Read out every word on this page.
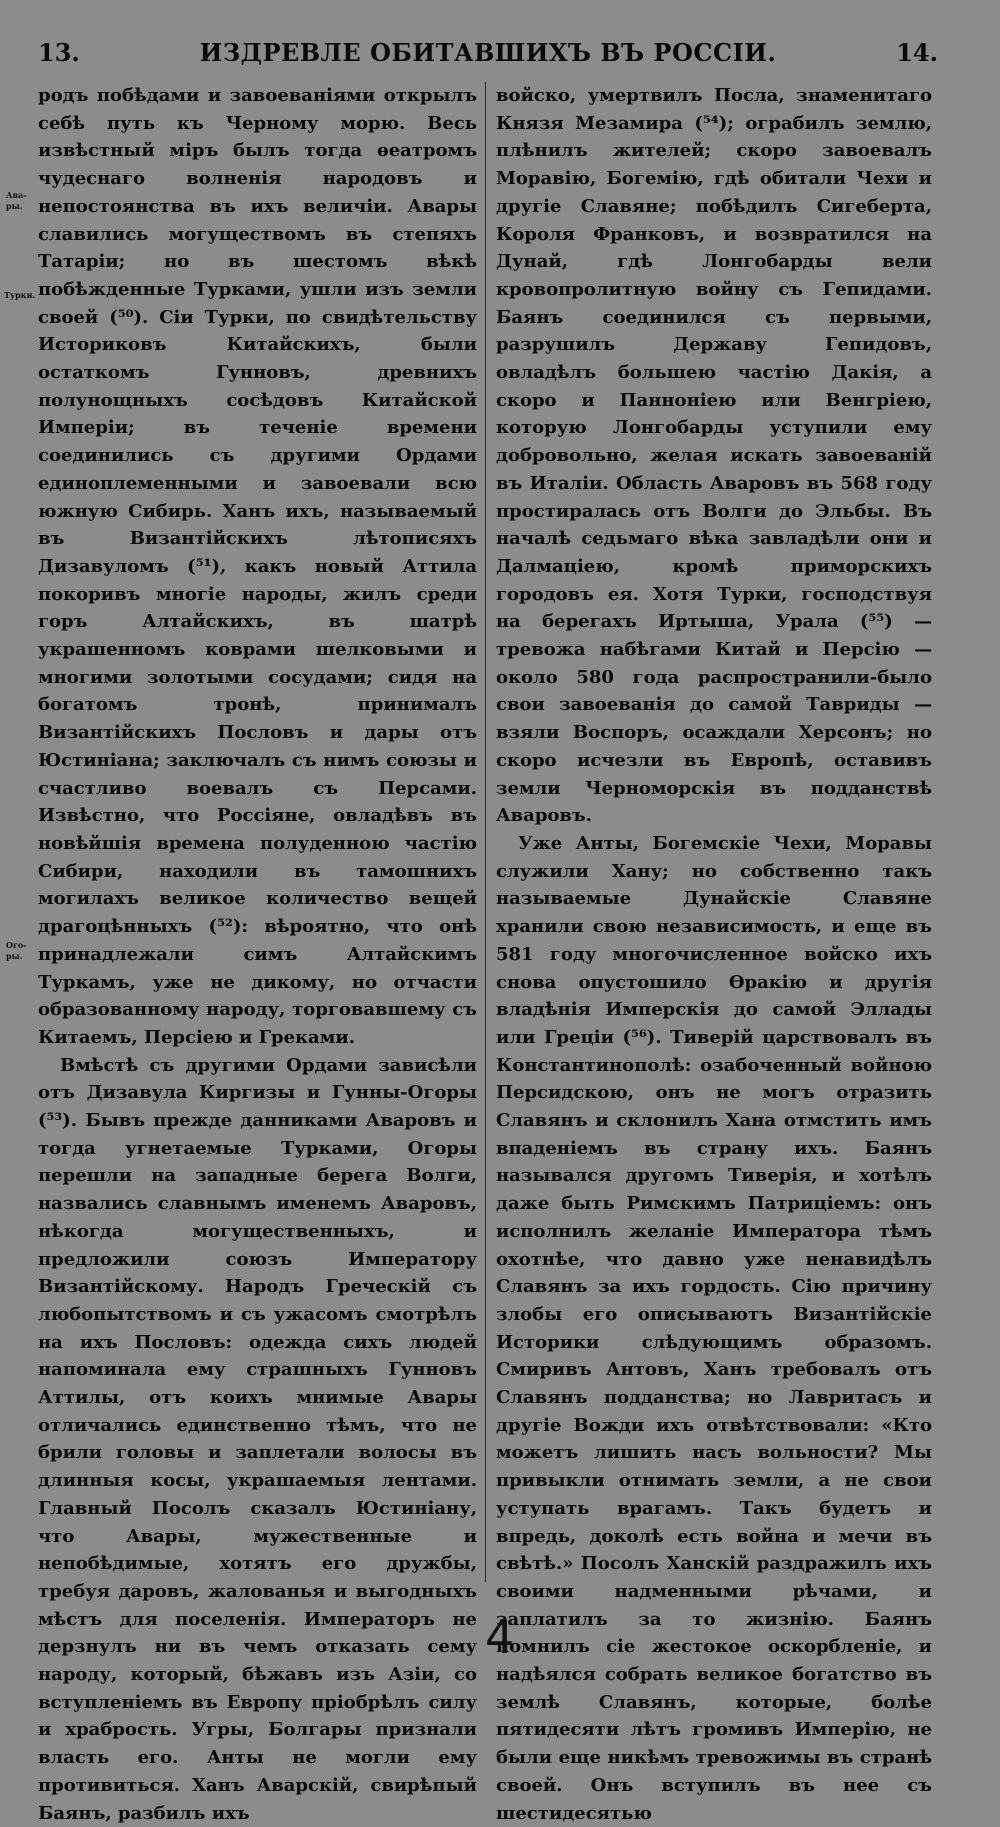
13.	ИЗДРЕВЛЕ ОБИТАВШИХЪ ВЪ РОССІИ.	14.
Ава-
ры.
Турки.
Ого-
ры.

родъ побѣдами и завоеваніями открылъ себѣ путь къ Черному морю. Весь извѣстный міръ былъ тогда ѳеатромъ чудеснаго волненія народовъ и непостоянства въ ихъ величіи. Авары славились могуществомъ въ степяхъ Татаріи; но въ шестомъ вѣкѣ побѣжденные Турками, ушли изъ земли своей (⁵⁰). Сіи Турки, по свидѣтельству Историковъ Китайскихъ, были остаткомъ Гунновъ, древнихъ полунощныхъ сосѣдовъ Китайской Имперіи; въ теченіе времени соединились съ другими Ордами единоплеменными и завоевали всю южную Сибирь. Ханъ ихъ, называемый въ Византійскихъ лѣтописяхъ Дизавуломъ (⁵¹), какъ новый Аттила покоривъ многіе народы, жилъ среди горъ Алтайскихъ, въ шатрѣ украшенномъ коврами шелковыми и многими золотыми сосудами; сидя на богатомъ тронѣ, принималъ Византійскихъ Пословъ и дары отъ Юстиніана; заключалъ съ нимъ союзы и счастливо воевалъ съ Персами. Извѣстно, что Россіяне, овладѣвъ въ новѣйшія времена полуденною частію Сибири, находили въ тамошнихъ могилахъ великое количество вещей драгоцѣнныхъ (⁵²): вѣроятно, что онѣ принадлежали симъ Алтайскимъ Туркамъ, уже не дикому, но отчасти образованному народу, торговавшему съ Китаемъ, Персіею и Греками.

Вмѣстѣ съ другими Ордами зависѣли отъ Дизавула Киргизы и Гунны-Огоры (⁵³). Бывъ прежде данниками Аваровъ и тогда угнетаемые Турками, Огоры перешли на западные берега Волги, назвались славнымъ именемъ Аваровъ, нѣкогда могущественныхъ, и предложили союзъ Императору Византійскому. Народъ Греческій съ любопытствомъ и съ ужасомъ смотрѣлъ на ихъ Пословъ: одежда сихъ людей напоминала ему страшныхъ Гунновъ Аттилы, отъ коихъ мнимые Авары отличались единственно тѣмъ, что не брили головы и заплетали волосы въ длинныя косы, украшаемыя лентами. Главный Посолъ сказалъ Юстиніану, что Авары, мужественные и непобѣдимые, хотятъ его дружбы, требуя даровъ, жалованья и выгодныхъ мѣстъ для поселенія. Императоръ не дерзнулъ ни въ чемъ отказать сему народу, который, бѣжавъ изъ Азіи, со вступленіемъ въ Европу пріобрѣлъ силу и храбрость. Угры, Болгары признали власть его. Анты не могли ему противиться. Ханъ Аварскій, свирѣпый Баянъ, разбилъ ихъ

войско, умертвилъ Посла, знаменитаго Князя Мезамира (⁵⁴); ограбилъ землю, плѣнилъ жителей; скоро завоевалъ Моравію, Богемію, гдѣ обитали Чехи и другіе Славяне; побѣдилъ Сигеберта, Короля Франковъ, и возвратился на Дунай, гдѣ Лонгобарды вели кровопролитную войну съ Гепидами. Баянъ соединился съ первыми, разрушилъ Державу Гепидовъ, овладѣлъ большею частію Дакія, а скоро и Панноніею или Венгріею, которую Лонгобарды уступили ему добровольно, желая искать завоеваній въ Италіи. Область Аваровъ въ 568 году простиралась отъ Волги до Эльбы. Въ началѣ седьмаго вѣка завладѣли они и Далмаціею, кромѣ приморскихъ городовъ ея. Хотя Турки, господствуя на берегахъ Иртыша, Урала (⁵⁵) — тревожа набѣгами Китай и Персію — около 580 года распространили-было свои завоеванія до самой Тавриды — взяли Воспоръ, осаждали Херсонъ; но скоро исчезли въ Европѣ, оставивъ земли Черноморскія въ подданствѣ Аваровъ.

Уже Анты, Богемскіе Чехи, Моравы служили Хану; но собственно такъ называемые Дунайскіе Славяне хранили свою независимость, и еще въ 581 году многочисленное войско ихъ снова опустошило Ѳракію и другія владѣнія Имперскія до самой Эллады или Греціи (⁵⁶). Тиверій царствовалъ въ Константинополѣ: озабоченный войною Персидскою, онъ не могъ отразить Славянъ и склонилъ Хана отмстить имъ впаденіемъ въ страну ихъ. Баянъ назывался другомъ Тиверія, и хотѣлъ даже быть Римскимъ Патриціемъ: онъ исполнилъ желаніе Императора тѣмъ охотнѣе, что давно уже ненавидѣлъ Славянъ за ихъ гордость. Сію причину злобы его описываютъ Византійскіе Историки слѣдующимъ образомъ. Смиривъ Антовъ, Ханъ требовалъ отъ Славянъ подданства; но Лавритасъ и другіе Вожди ихъ отвѣтствовали: «Кто можетъ лишить насъ вольности? Мы привыкли отнимать земли, а не свои уступать врагамъ. Такъ будетъ и впредь, доколѣ есть война и мечи въ свѣтѣ.» Посолъ Ханскій раздражилъ ихъ своими надменными рѣчами, и заплатилъ за то жизнію. Баянъ помнилъ сіе жестокое оскорбленіе, и надѣялся собрать великое богатство въ землѣ Славянъ, которые, болѣе пятидесяти лѣтъ громивъ Имперію, не были еще никѣмъ тревожимы въ странѣ своей. Онъ вступилъ въ нее съ шестидесятью

4
